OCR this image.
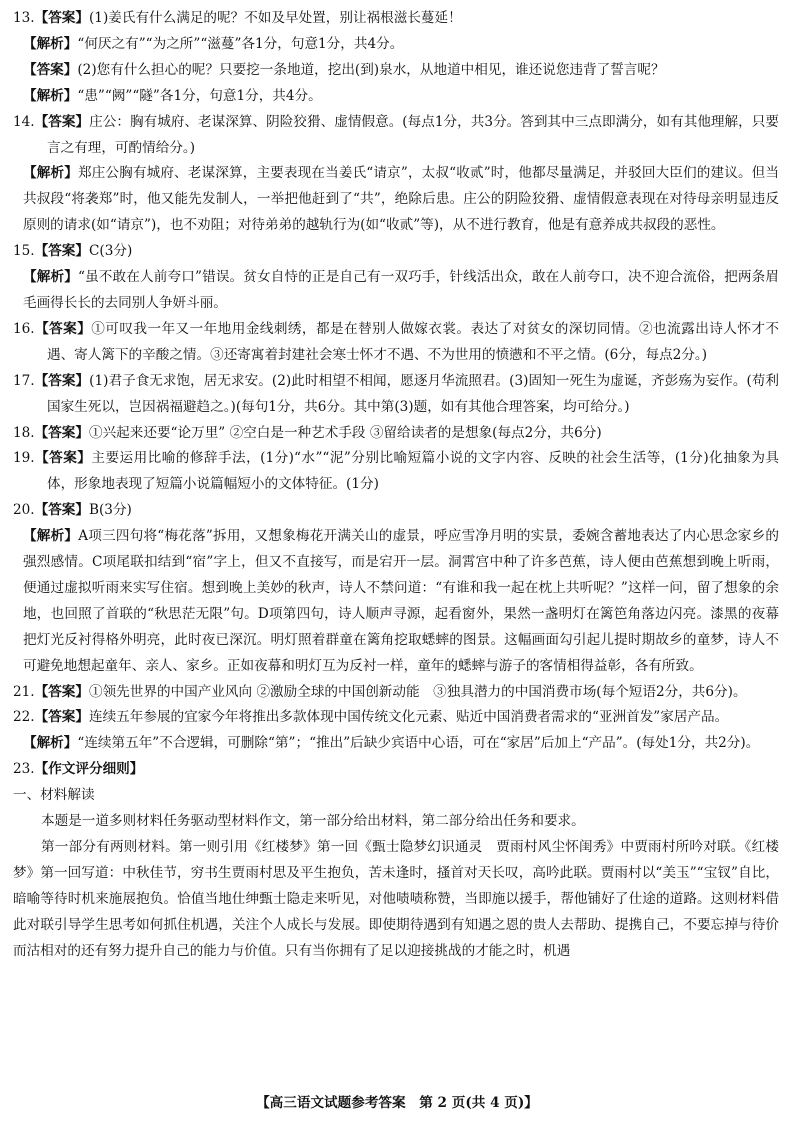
13.【答案】(1)姜氏有什么满足的呢？不如及早处置，别让祸根滋长蔓延！

【解析】“何厌之有”“为之所”“滋蔓”各1分，句意1分，共4分。

【答案】(2)您有什么担心的呢？只要挖一条地道，挖出(到)泉水，从地道中相见，谁还说您违背了誓言呢？

【解析】“患”“阙”“隧”各1分，句意1分，共4分。

14.【答案】庄公：胸有城府、老谋深算、阴险狡猾、虚情假意。(每点1分，共3分。答到其中三点即满分，如有其他理解，只要言之有理，可酌情给分。)

【解析】郑庄公胸有城府、老谋深算，主要表现在当姜氏“请京”，太叔“收贰”时，他都尽量满足，并驳回大臣们的建议。但当共叔段“将袭郑”时，他又能先发制人，一举把他赶到了“共”，绝除后患。庄公的阴险狡猾、虚情假意表现在对待母亲明显违反原则的请求(如“请京”)，也不劝阻；对待弟弟的越轨行为(如“收贰”等)，从不进行教育，他是有意养成共叔段的恶性。

15.【答案】C(3分)

【解析】“虽不敢在人前夸口”错误。贫女自恃的正是自己有一双巧手，针线活出众，敢在人前夸口，决不迎合流俗，把两条眉毛画得长长的去同别人争妍斗丽。

16.【答案】①可叹我一年又一年地用金线刺绣，都是在替别人做嫁衣裳。表达了对贫女的深切同情。②也流露出诗人怀才不遇、寄人篱下的辛酸之情。③还寄寓着封建社会寒士怀才不遇、不为世用的愤懑和不平之情。(6分，每点2分。)

17.【答案】(1)君子食无求饱，居无求安。(2)此时相望不相闻，愿逐月华流照君。(3)固知一死生为虚诞，齐彭殇为妄作。(苟利国家生死以，岂因祸福避趋之。)(每句1分，共6分。其中第(3)题，如有其他合理答案，均可给分。)

18.【答案】①兴起来还要“论万里” ②空白是一种艺术手段 ③留给读者的是想象(每点2分，共6分)

19.【答案】主要运用比喻的修辞手法，(1分)“水”“泥”分别比喻短篇小说的文字内容、反映的社会生活等，(1分)化抽象为具体，形象地表现了短篇小说篇幅短小的文体特征。(1分)

20.【答案】B(3分)

【解析】A项三四句将“梅花落”拆用，又想象梅花开满关山的虚景，呼应雪净月明的实景，委婉含蓄地表达了内心思念家乡的强烈感情。C项尾联扣结到“宿”字上，但又不直接写，而是宕开一层。洞霄宫中种了许多芭蕉，诗人便由芭蕉想到晚上听雨，便通过虚拟听雨来实写住宿。想到晚上美妙的秋声，诗人不禁问道：“有谁和我一起在枕上共听呢？”这样一问，留了想象的余地，也回照了首联的“秋思茫无限”句。D项第四句，诗人顺声寻源，起看窗外，果然一盏明灯在篱笆角落边闪亮。漆黑的夜幕把灯光反衬得格外明亮，此时夜已深沉。明灯照着群童在篱角挖取蟋蟀的图景。这幅画面勾引起儿提时期故乡的童梦，诗人不可避免地想起童年、亲人、家乡。正如夜幕和明灯互为反衬一样，童年的蟋蟀与游子的客情相得益彰，各有所致。

21.【答案】①领先世界的中国产业风向 ②激励全球的中国创新动能　③独具潜力的中国消费市场(每个短语2分，共6分)。

22.【答案】连续五年参展的宜家今年将推出多款体现中国传统文化元素、贴近中国消费者需求的“亚洲首发”家居产品。

【解析】“连续第五年”不合逻辑，可删除“第”；“推出”后缺少宾语中心语，可在“家居”后加上“产品”。(每处1分，共2分)。

23.【作文评分细则】

一、材料解读

本题是一道多则材料任务驱动型材料作文，第一部分给出材料，第二部分给出任务和要求。

第一部分有两则材料。第一则引用《红楼梦》第一回《甄士隐梦幻识通灵　贾雨村风尘怀闺秀》中贾雨村所吟对联。《红楼梦》第一回写道：中秋佳节，穷书生贾雨村思及平生抱负，苦未逢时，搔首对天长叹，高吟此联。贾雨村以“美玉”“宝钗”自比，暗喻等待时机来施展抱负。恰值当地仕绅甄士隐走来听见，对他啧啧称赞，当即施以援手，帮他铺好了仕途的道路。这则材料借此对联引导学生思考如何抓住机遇，关注个人成长与发展。即使期待遇到有知遇之恩的贵人去帮助、提携自己，不要忘掉与待价而沽相对的还有努力提升自己的能力与价值。只有当你拥有了足以迎接挑战的才能之时，机遇

【高三语文试题参考答案　第 2 页(共 4 页)】
